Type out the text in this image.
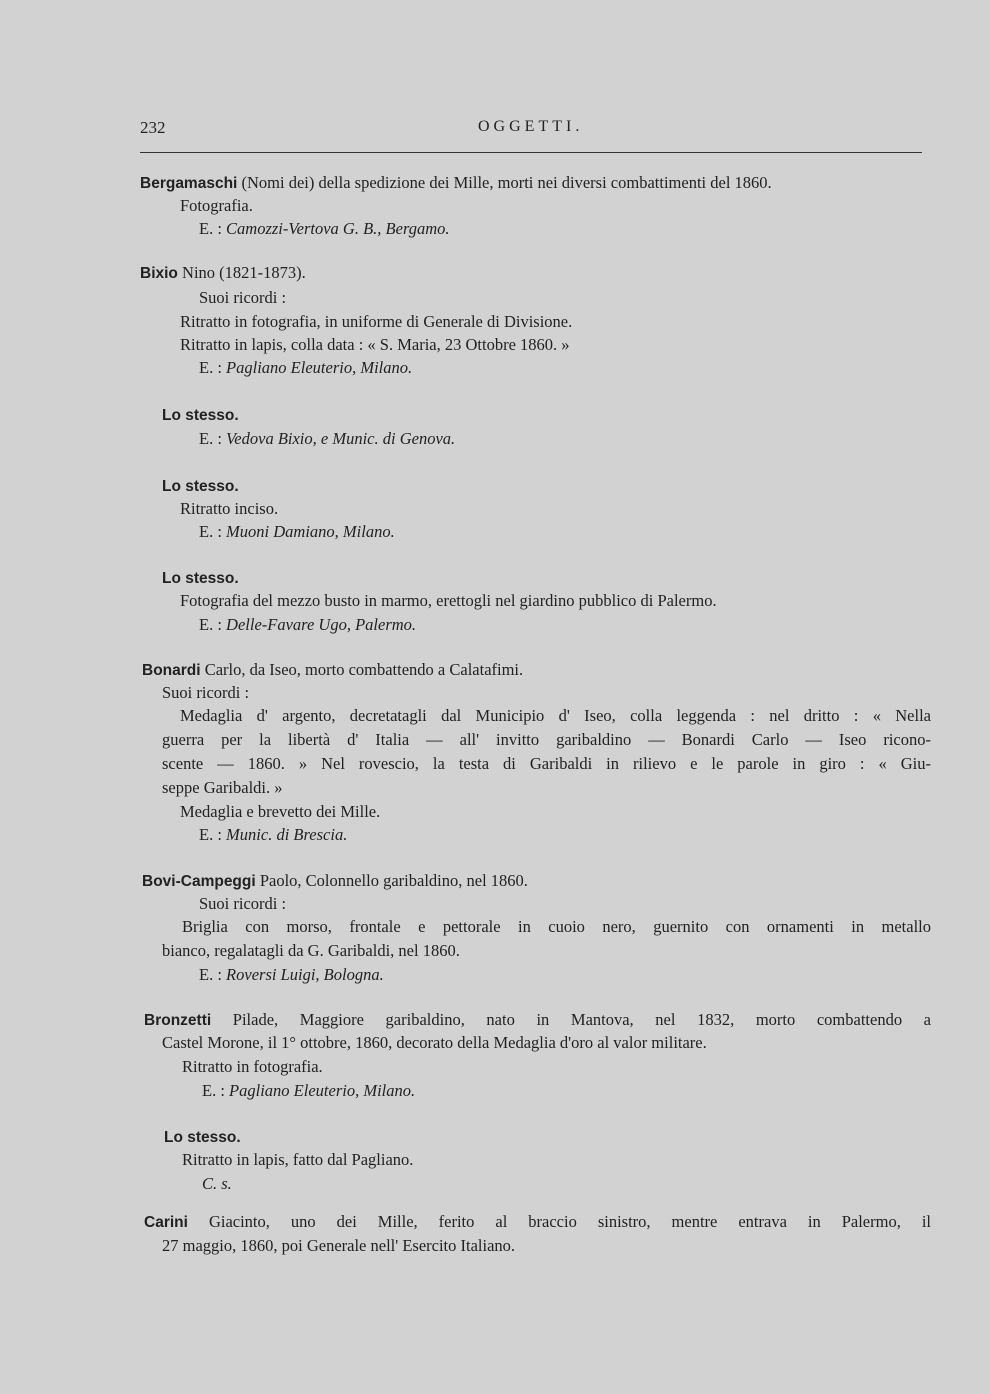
232	OGGETTI.
Bergamaschi (Nomi dei) della spedizione dei Mille, morti nei diversi combattimenti del 1860.
Fotografia.
E. : Camozzi-Vertova G. B., Bergamo.
Bixio Nino (1821-1873).
Suoi ricordi :
Ritratto in fotografia, in uniforme di Generale di Divisione.
Ritratto in lapis, colla data : « S. Maria, 23 Ottobre 1860. »
E. : Pagliano Eleuterio, Milano.
Lo stesso.
E. : Vedova Bixio, e Munic. di Genova.
Lo stesso.
Ritratto inciso.
E. : Muoni Damiano, Milano.
Lo stesso.
Fotografia del mezzo busto in marmo, erettogli nel giardino pubblico di Palermo.
E. : Delle-Favare Ugo, Palermo.
Bonardi Carlo, da Iseo, morto combattendo a Calatafimi.
Suoi ricordi :
Medaglia d' argento, decretatagli dal Municipio d' Iseo, colla leggenda : nel dritto : « Nella
guerra per la libertà d' Italia — all' invitto garibaldino — Bonardi Carlo — Iseo ricono-
scente — 1860. » Nel rovescio, la testa di Garibaldi in rilievo e le parole in giro : « Giu-
seppe Garibaldi. »
Medaglia e brevetto dei Mille.
E. : Munic. di Brescia.
Bovi-Campeggi Paolo, Colonnello garibaldino, nel 1860.
Suoi ricordi :
Briglia con morso, frontale e pettorale in cuoio nero, guernito con ornamenti in metallo
bianco, regalatagli da G. Garibaldi, nel 1860.
E. : Roversi Luigi, Bologna.
Bronzetti Pilade, Maggiore garibaldino, nato in Mantova, nel 1832, morto combattendo a
Castel Morone, il 1° ottobre, 1860, decorato della Medaglia d'oro al valor militare.
Ritratto in fotografia.
E. : Pagliano Eleuterio, Milano.
Lo stesso.
Ritratto in lapis, fatto dal Pagliano.
C. s.
Carini Giacinto, uno dei Mille, ferito al braccio sinistro, mentre entrava in Palermo, il
27 maggio, 1860, poi Generale nell' Esercito Italiano.
